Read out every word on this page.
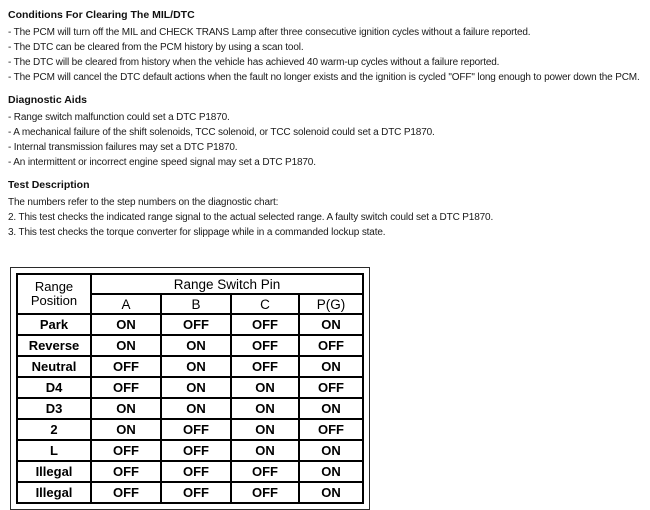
Conditions For Clearing The MIL/DTC
- The PCM will turn off the MIL and CHECK TRANS Lamp after three consecutive ignition cycles without a failure reported.
- The DTC can be cleared from the PCM history by using a scan tool.
- The DTC will be cleared from history when the vehicle has achieved 40 warm-up cycles without a failure reported.
- The PCM will cancel the DTC default actions when the fault no longer exists and the ignition is cycled "OFF" long enough to power down the PCM.
Diagnostic Aids
- Range switch malfunction could set a DTC P1870.
- A mechanical failure of the shift solenoids, TCC solenoid, or TCC solenoid could set a DTC P1870.
- Internal transmission failures may set a DTC P1870.
- An intermittent or incorrect engine speed signal may set a DTC P1870.
Test Description
The numbers refer to the step numbers on the diagnostic chart:
2. This test checks the indicated range signal to the actual selected range. A faulty switch could set a DTC P1870.
3. This test checks the torque converter for slippage while in a commanded lockup state.
Range Position	Range Switch Pin			
	A	B	C	P(G)
Park	ON	OFF	OFF	ON
Reverse	ON	ON	OFF	OFF
Neutral	OFF	ON	OFF	ON
D4	OFF	ON	ON	OFF
D3	ON	ON	ON	ON
2	ON	OFF	ON	OFF
L	OFF	OFF	ON	ON
Illegal	OFF	OFF	OFF	ON
Illegal	OFF	OFF	OFF	ON
